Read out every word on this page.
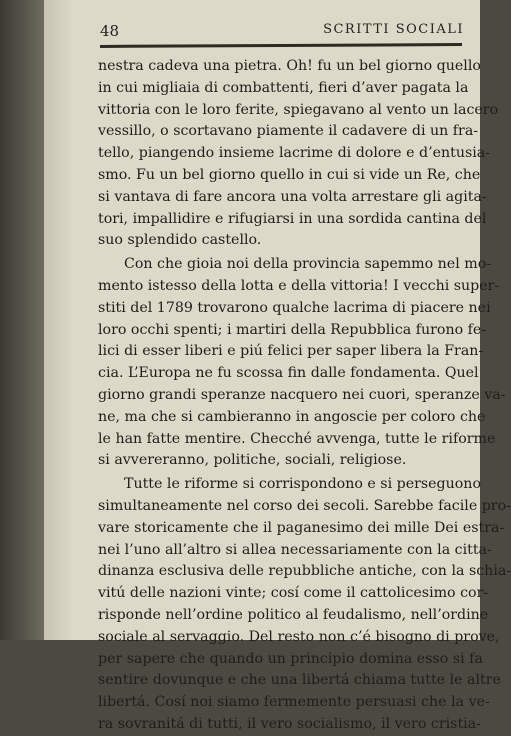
48	SCRITTI SOCIALI
nestra cadeva una pietra. Oh! fu un bel giorno quello
in cui migliaia di combattenti, fieri d’aver pagata la
vittoria con le loro ferite, spiegavano al vento un lacero
vessillo, o scortavano piamente il cadavere di un fra-
tello, piangendo insieme lacrime di dolore e d’entusia-
smo. Fu un bel giorno quello in cui si vide un Re, che
si vantava di fare ancora una volta arrestare gli agita-
tori, impallidire e rifugiarsi in una sordida cantina del
suo splendido castello.
Con che gioia noi della provincia sapemmo nel mo-
mento istesso della lotta e della vittoria! I vecchi super-
stiti del 1789 trovarono qualche lacrima di piacere nei
loro occhi spenti; i martiri della Repubblica furono fe-
lici di esser liberi e piú felici per saper libera la Fran-
cia. L’Europa ne fu scossa fin dalle fondamenta. Quel
giorno grandi speranze nacquero nei cuori, speranze va-
ne, ma che si cambieranno in angoscie per coloro che
le han fatte mentire. Checché avvenga, tutte le riforme
si avvereranno, politiche, sociali, religiose.
Tutte le riforme si corrispondono e si perseguono
simultaneamente nel corso dei secoli. Sarebbe facile pro-
vare storicamente che il paganesimo dei mille Dei estra-
nei l’uno all’altro si allea necessariamente con la citta-
dinanza esclusiva delle repubbliche antiche, con la schia-
vitú delle nazioni vinte; cosí come il cattolicesimo cor-
risponde nell’ordine politico al feudalismo, nell’ordine
sociale al servaggio. Del resto non c’é bisogno di prove,
per sapere che quando un principio domina esso si fa
sentire dovunque e che una libertá chiama tutte le altre
libertá. Cosí noi siamo fermemente persuasi che la ve-
ra sovranitá di tutti, il vero socialismo, il vero cristia-
